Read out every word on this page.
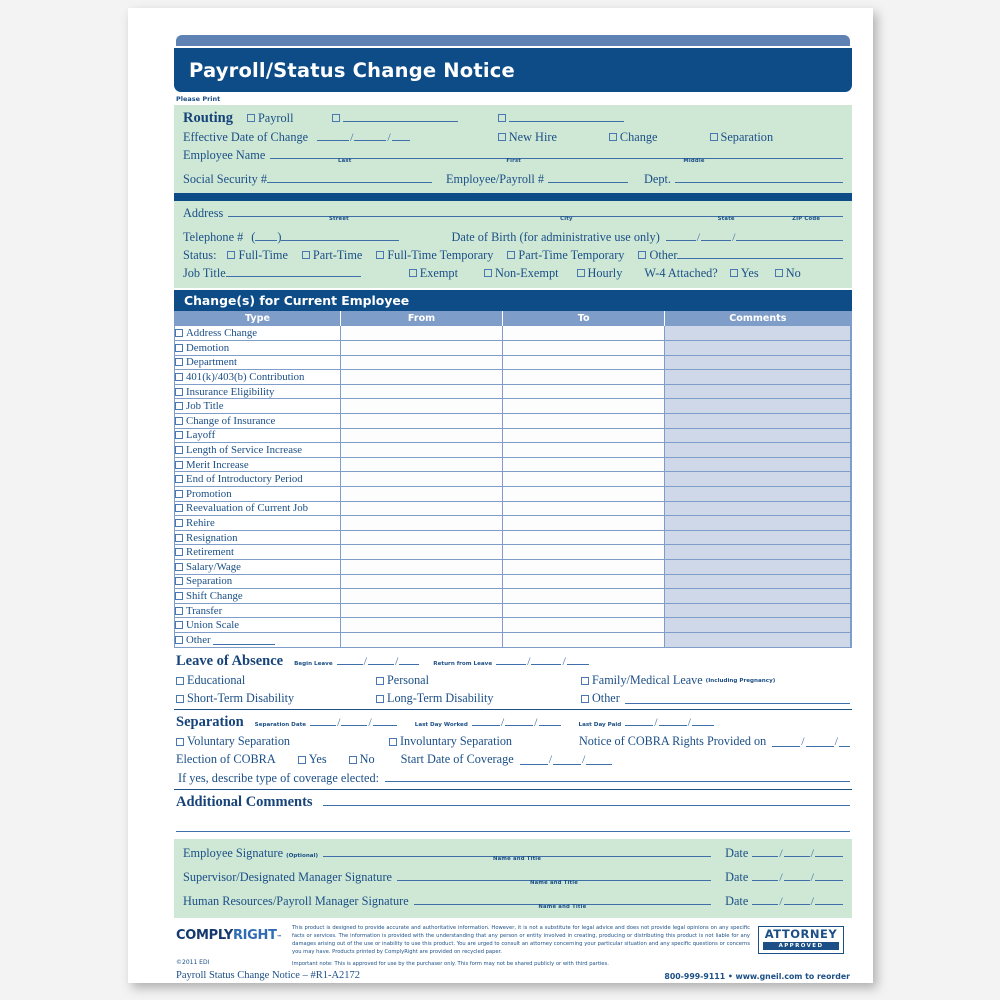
Payroll/Status Change Notice
Please Print
Routing Payroll
Effective Date of Change	/	/	New Hire	Change	Separation
Employee Name	Last	First	Middle
Social Security #	Employee/Payroll #	Dept.
Address	Street	City	State	ZIP Code
Telephone # ( )	Date of Birth (for administrative use only)	/	/
Status: Full-Time Part-Time Full-Time Temporary Part-Time Temporary Other
Job Title	Exempt	Non-Exempt Hourly W-4 Attached? Yes No
Change(s) for Current Employee
Type	From	To	Comments

Address Change			

Demotion			

Department			

401(k)/403(b) Contribution			

Insurance Eligibility			

Job Title			

Change of Insurance			

Layoff			

Length of Service Increase			

Merit Increase			

End of Introductory Period			

Promotion			

Reevaluation of Current Job			

Rehire			

Resignation			

Retirement			

Salary/Wage			

Separation			

Shift Change			

Transfer			

Union Scale			

Other			

Leave of Absence Begin Leave	/ /	Return from Leave	/	/
Educational	Personal	Family/Medical Leave (Including Pregnancy)
Short-Term Disability	Long-Term Disability	Other
Separation Separation Date	/ /	Last Day Worked	/	/	Last Day Paid	/	/
Voluntary Separation	Involuntary Separation	Notice of COBRA Rights Provided on	/	/
Election of COBRA	Yes	No Start Date of Coverage	/	/
If yes, describe type of coverage elected:
Additional Comments
Employee Signature (Optional)	Name and Title	Date	/ /
Supervisor/Designated Manager Signature	Name and Title	Date	/ /
Human Resources/Payroll Manager Signature	Name and Title	Date	/ /
COMPLYRIGHT™
©2011 EDI
This product is designed to provide accurate and authoritative information. However, it is not a substitute for legal advice and does not provide legal opinions on any specific facts or services. The information is provided with the understanding that any person or entity involved in creating, producing or distributing this product is not liable for any damages arising out of the use or inability to use this product. You are urged to consult an attorney concerning your particular situation and any specific questions or concerns you may have. Products printed by ComplyRight are provided on recycled paper.
Important note: This is approved for use by the purchaser only. This form may not be shared publicly or with third parties.
ATTORNEY
APPROVED
Payroll Status Change Notice – #R1-A2172	800-999-9111 • www.gneil.com to reorder
